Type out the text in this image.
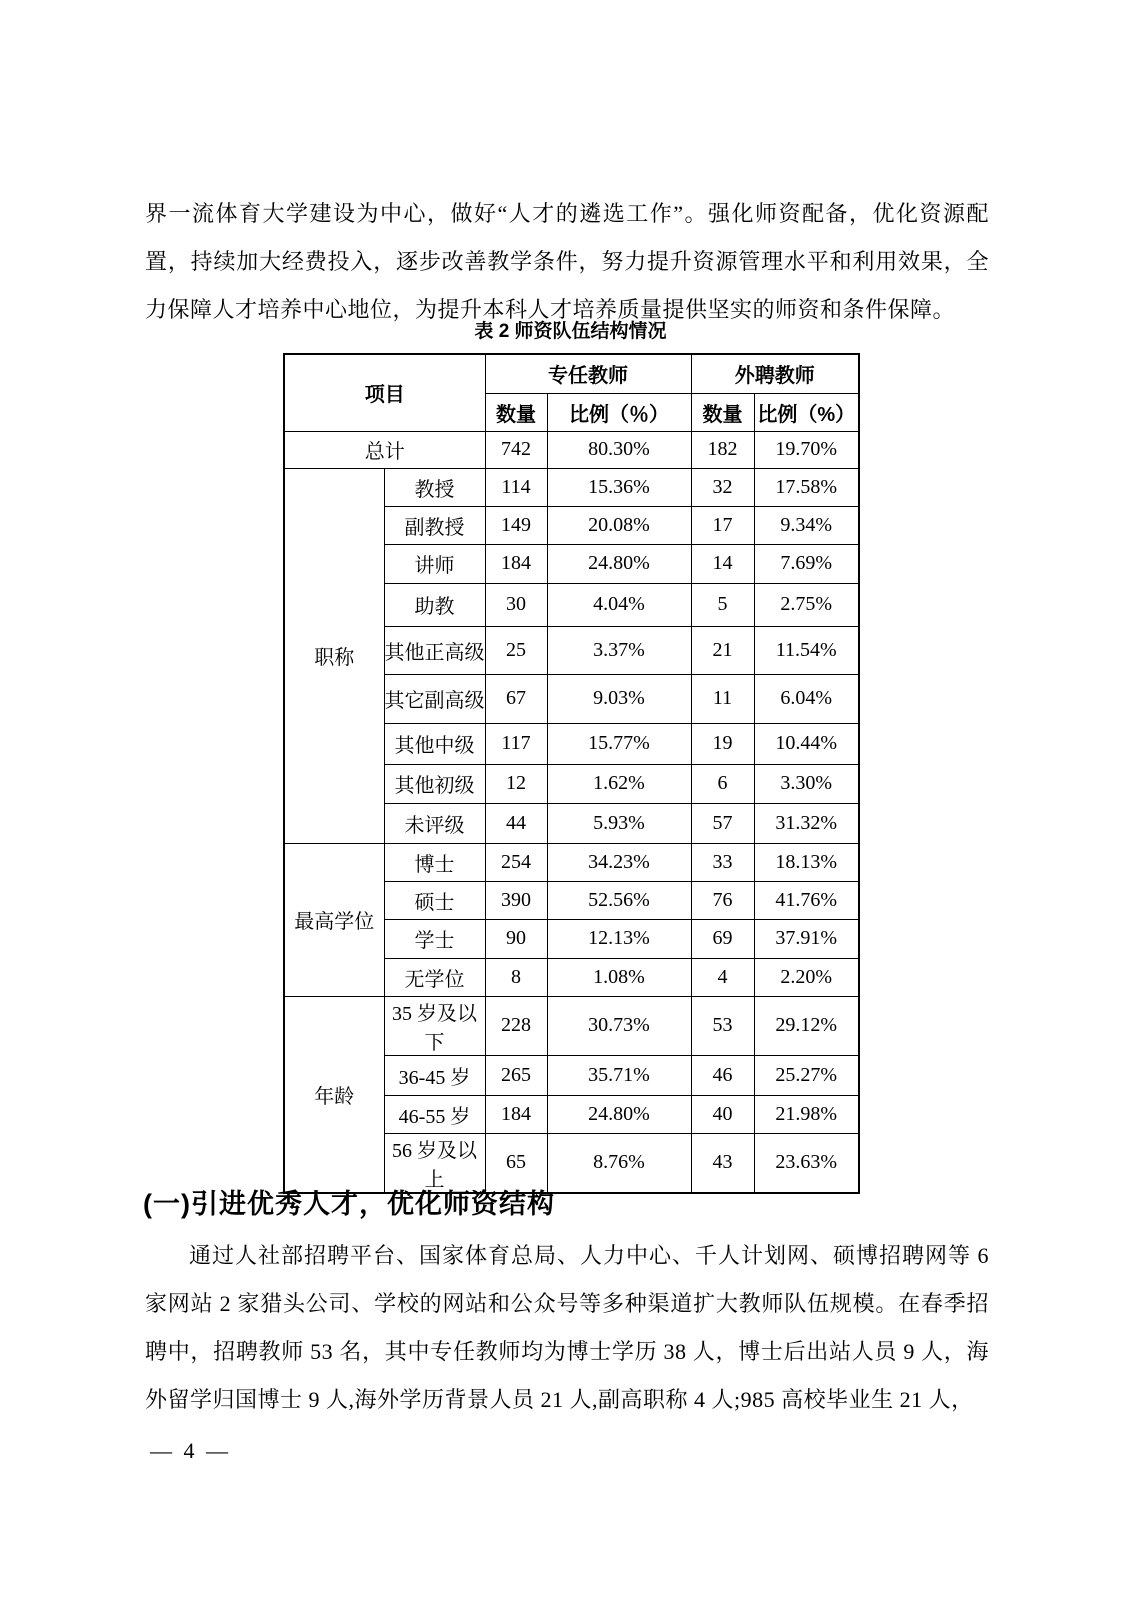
界一流体育大学建设为中心，做好“人才的遴选工作”。强化师资配备，优化资源配置，持续加大经费投入，逐步改善教学条件，努力提升资源管理水平和利用效果，全力保障人才培养中心地位，为提升本科人才培养质量提供坚实的师资和条件保障。
表 2 师资队伍结构情况
项目		专任教师		外聘教师	
		数量	比例（％）	数量	比例（%）
总计		742	80.30%	182	19.70%
职称	教授	114	15.36%	32	17.58%
	副教授	149	20.08%	17	9.34%
	讲师	184	24.80%	14	7.69%
	助教	30	4.04%	5	2.75%
	其他正高级	25	3.37%	21	11.54%
	其它副高级	67	9.03%	11	6.04%
	其他中级	117	15.77%	19	10.44%
	其他初级	12	1.62%	6	3.30%
	未评级	44	5.93%	57	31.32%
最高学位	博士	254	34.23%	33	18.13%
	硕士	390	52.56%	76	41.76%
	学士	90	12.13%	69	37.91%
	无学位	8	1.08%	4	2.20%
年龄	35 岁及以下	228	30.73%	53	29.12%
	36-45 岁	265	35.71%	46	25.27%
	46-55 岁	184	24.80%	40	21.98%
	56 岁及以上	65	8.76%	43	23.63%
(一)引进优秀人才，优化师资结构
通过人社部招聘平台、国家体育总局、人力中心、千人计划网、硕博招聘网等 6 家网站 2 家猎头公司、学校的网站和公众号等多种渠道扩大教师队伍规模。在春季招聘中，招聘教师 53 名，其中专任教师均为博士学历 38 人，博士后出站人员 9 人，海外留学归国博士 9 人,海外学历背景人员 21 人,副高职称 4 人;985 高校毕业生 21 人，
— 4 —
